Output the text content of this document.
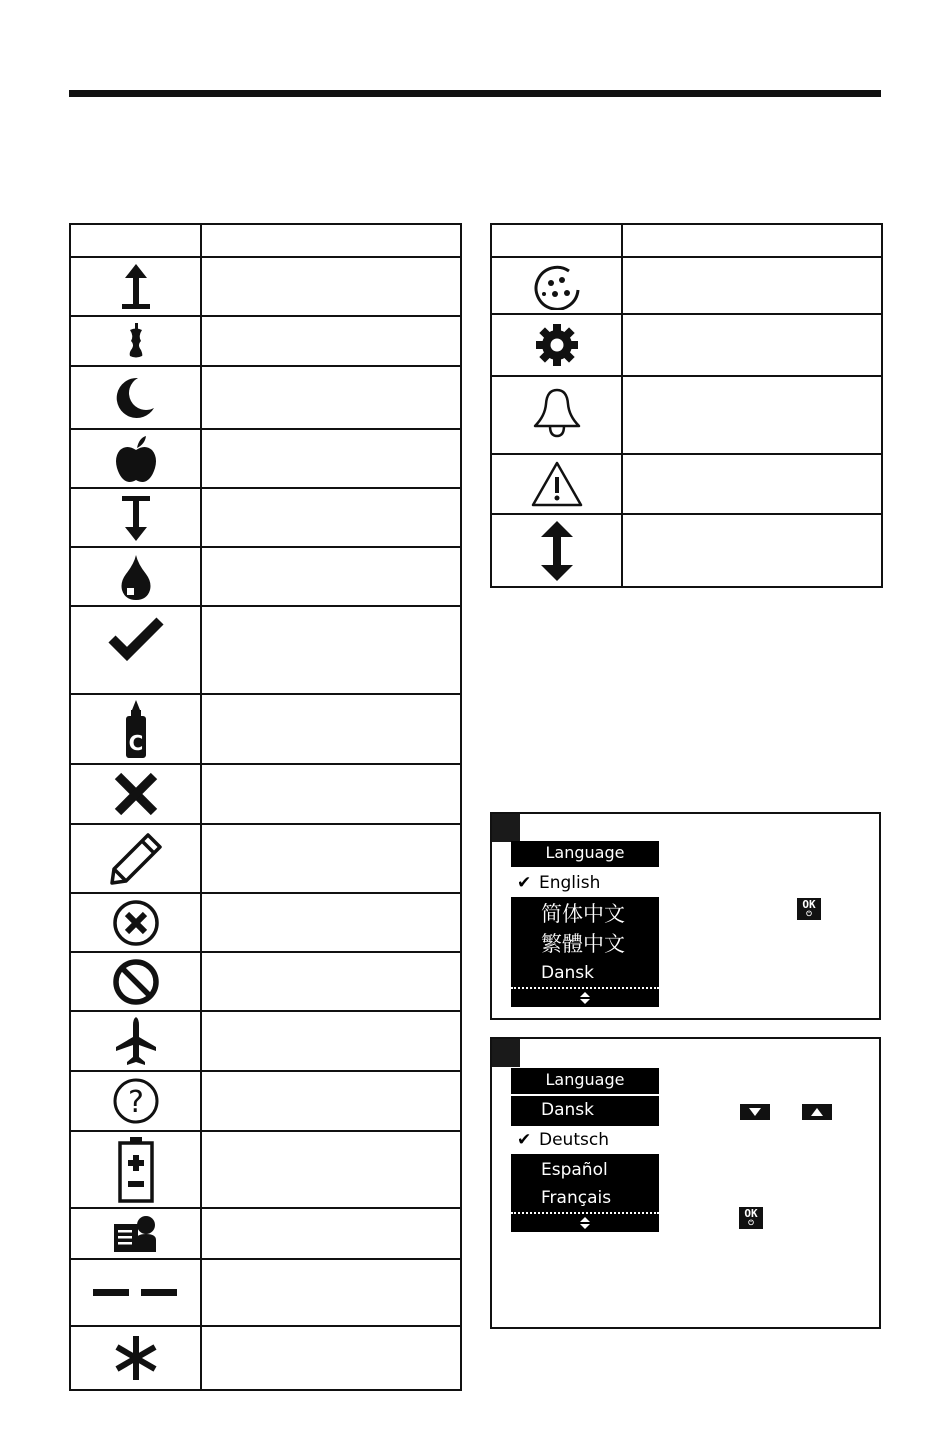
C	

?	

Language
✔ English
简体中文
繁體中文
Dansk
OK
⏻
Language
Dansk
✔ Deutsch
Español
Français
OK
⏻
